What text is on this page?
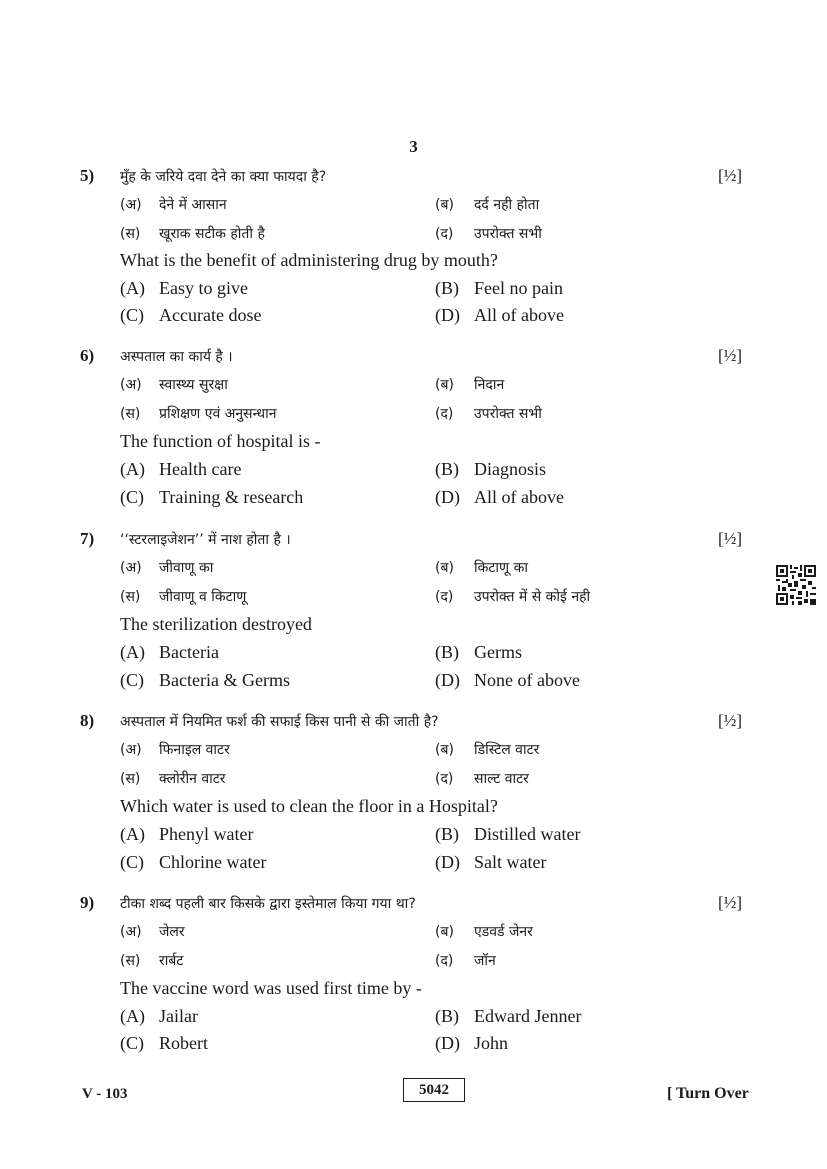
3
5) मुँह के जरिये दवा देने का क्या फायदा है?	[½]
(अ) देने में आसान	(ब) दर्द नही होता
(स) खूराक सटीक होती है	(द) उपरोक्त सभी
What is the benefit of administering drug by mouth?
(A) Easy to give	(B) Feel no pain
(C) Accurate dose	(D) All of above
6) अस्पताल का कार्य है ।	[½]
(अ) स्वास्थ्य सुरक्षा	(ब) निदान
(स) प्रशिक्षण एवं अनुसन्धान	(द) उपरोक्त सभी
The function of hospital is -
(A) Health care	(B) Diagnosis
(C) Training & research	(D) All of above
7) ‘‘स्टरलाइजेशन’’ में नाश होता है ।	[½]
(अ) जीवाणू का	(ब) किटाणू का
(स) जीवाणू व किटाणू	(द) उपरोक्त में से कोई नही
The sterilization destroyed
(A) Bacteria	(B) Germs
(C) Bacteria & Germs	(D) None of above
8) अस्पताल में नियमित फर्श की सफाई किस पानी से की जाती है?	[½]
(अ) फिनाइल वाटर	(ब) डिस्टिल वाटर
(स) क्लोरीन वाटर	(द) साल्ट वाटर
Which water is used to clean the floor in a Hospital?
(A) Phenyl water	(B) Distilled water
(C) Chlorine water	(D) Salt water
9) टीका शब्द पहली बार किसके द्वारा इस्तेमाल किया गया था?	[½]
(अ) जेलर	(ब) एडवर्ड जेनर
(स) रार्बट	(द) जॉन
The vaccine word was used first time by -
(A) Jailar	(B) Edward Jenner
(C) Robert	(D) John
V - 103	5042	[ Turn Over
